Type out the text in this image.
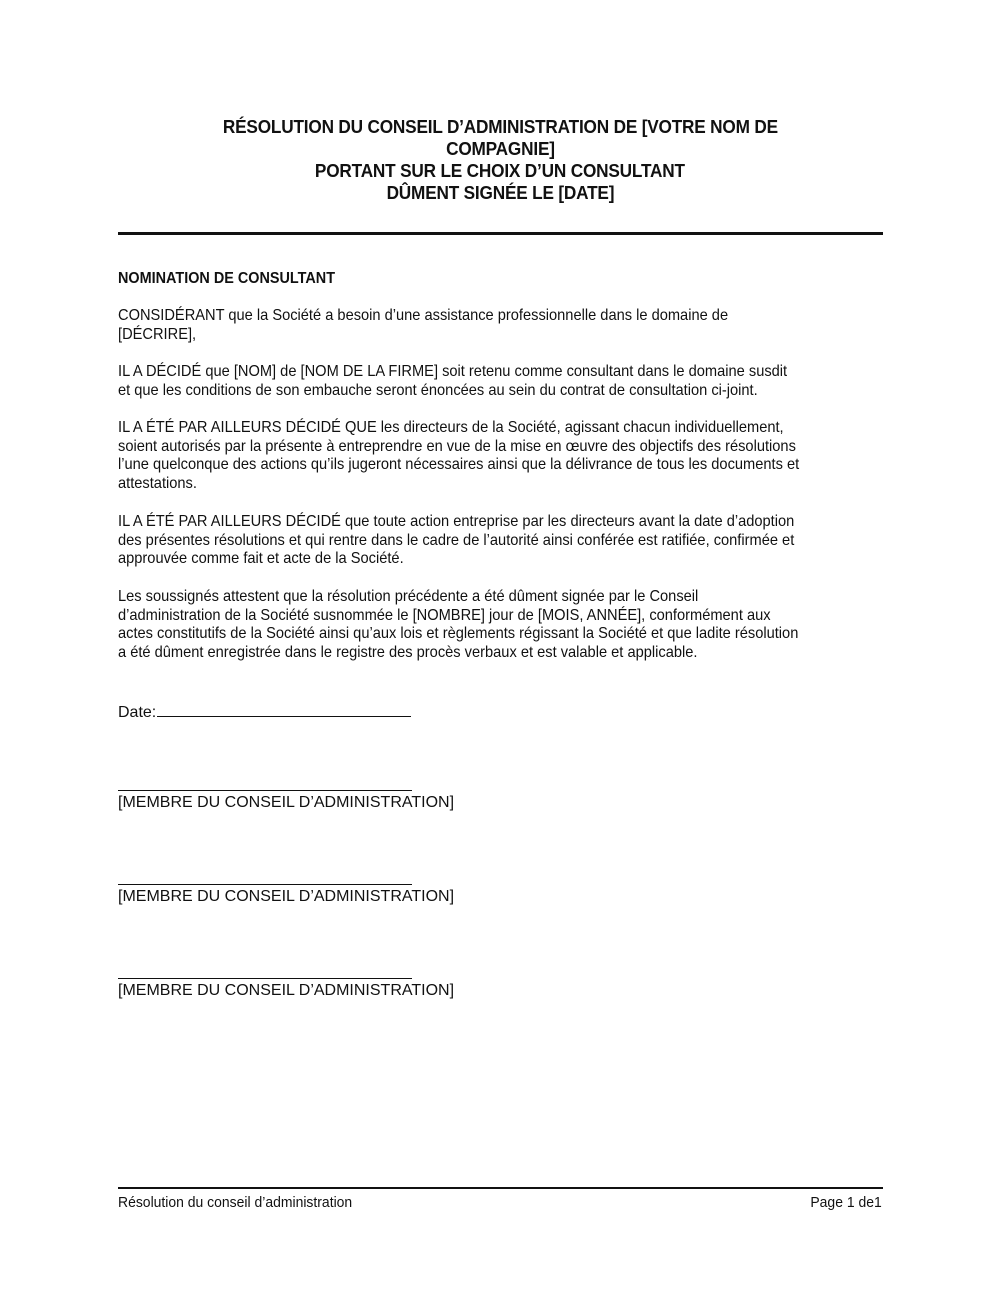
RÉSOLUTION DU CONSEIL D’ADMINISTRATION DE [VOTRE NOM DE
COMPAGNIE]
PORTANT SUR LE CHOIX D’UN CONSULTANT
DÛMENT SIGNÉE LE [DATE]
NOMINATION DE CONSULTANT
CONSIDÉRANT que la Société a besoin d’une assistance professionnelle dans le domaine de
[DÉCRIRE],
IL A DÉCIDÉ que [NOM] de [NOM DE LA FIRME] soit retenu comme consultant dans le domaine susdit
et que les conditions de son embauche seront énoncées au sein du contrat de consultation ci-joint.
IL A ÉTÉ PAR AILLEURS DÉCIDÉ QUE les directeurs de la Société, agissant chacun individuellement,
soient autorisés par la présente à entreprendre en vue de la mise en œuvre des objectifs des résolutions
l’une quelconque des actions qu’ils jugeront nécessaires ainsi que la délivrance de tous les documents et
attestations.
IL A ÉTÉ PAR AILLEURS DÉCIDÉ que toute action entreprise par les directeurs avant la date d’adoption
des présentes résolutions et qui rentre dans le cadre de l’autorité ainsi conférée est ratifiée, confirmée et
approuvée comme fait et acte de la Société.
Les soussignés attestent que la résolution précédente a été dûment signée par le Conseil
d’administration de la Société susnommée le [NOMBRE] jour de [MOIS, ANNÉE], conformément aux
actes constitutifs de la Société ainsi qu’aux lois et règlements régissant la Société et que ladite résolution
a été dûment enregistrée dans le registre des procès verbaux et est valable et applicable.
Date:
[MEMBRE DU CONSEIL D’ADMINISTRATION]
[MEMBRE DU CONSEIL D’ADMINISTRATION]
[MEMBRE DU CONSEIL D’ADMINISTRATION]
Résolution du conseil d’administration	Page 1 de1
